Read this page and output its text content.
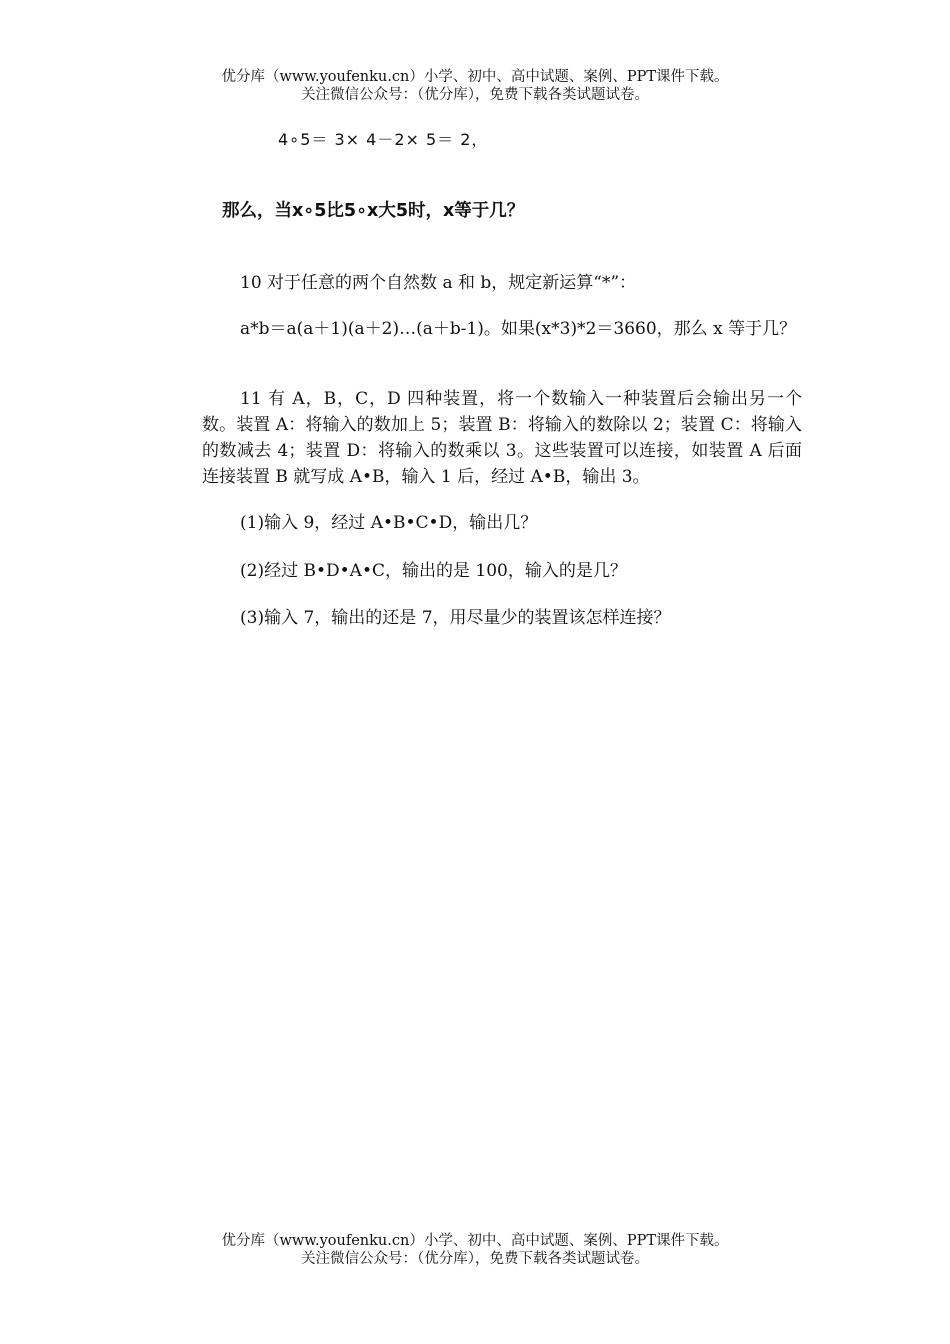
优分库（www.youfenku.cn）小学、初中、高中试题、案例、PPT课件下载。
关注微信公众号：（优分库），免费下载各类试题试卷。
4∘5＝ 3× 4－2× 5＝ 2，
那么，当x∘5比5∘x大5时，x等于几？
10 对于任意的两个自然数 a 和 b，规定新运算“*”：
a*b＝a(a＋1)(a＋2)…(a＋b-1)。如果(x*3)*2＝3660，那么 x 等于几？
11 有 A，B，C，D 四种装置，将一个数输入一种装置后会输出另一个数。装置 A：将输入的数加上 5；装置 B：将输入的数除以 2；装置 C：将输入的数减去 4；装置 D：将输入的数乘以 3。这些装置可以连接，如装置 A 后面连接装置 B 就写成 A•B，输入 1 后，经过 A•B，输出 3。
(1)输入 9，经过 A•B•C•D，输出几？
(2)经过 B•D•A•C，输出的是 100，输入的是几？
(3)输入 7，输出的还是 7，用尽量少的装置该怎样连接？
优分库（www.youfenku.cn）小学、初中、高中试题、案例、PPT课件下载。
关注微信公众号：（优分库），免费下载各类试题试卷。
